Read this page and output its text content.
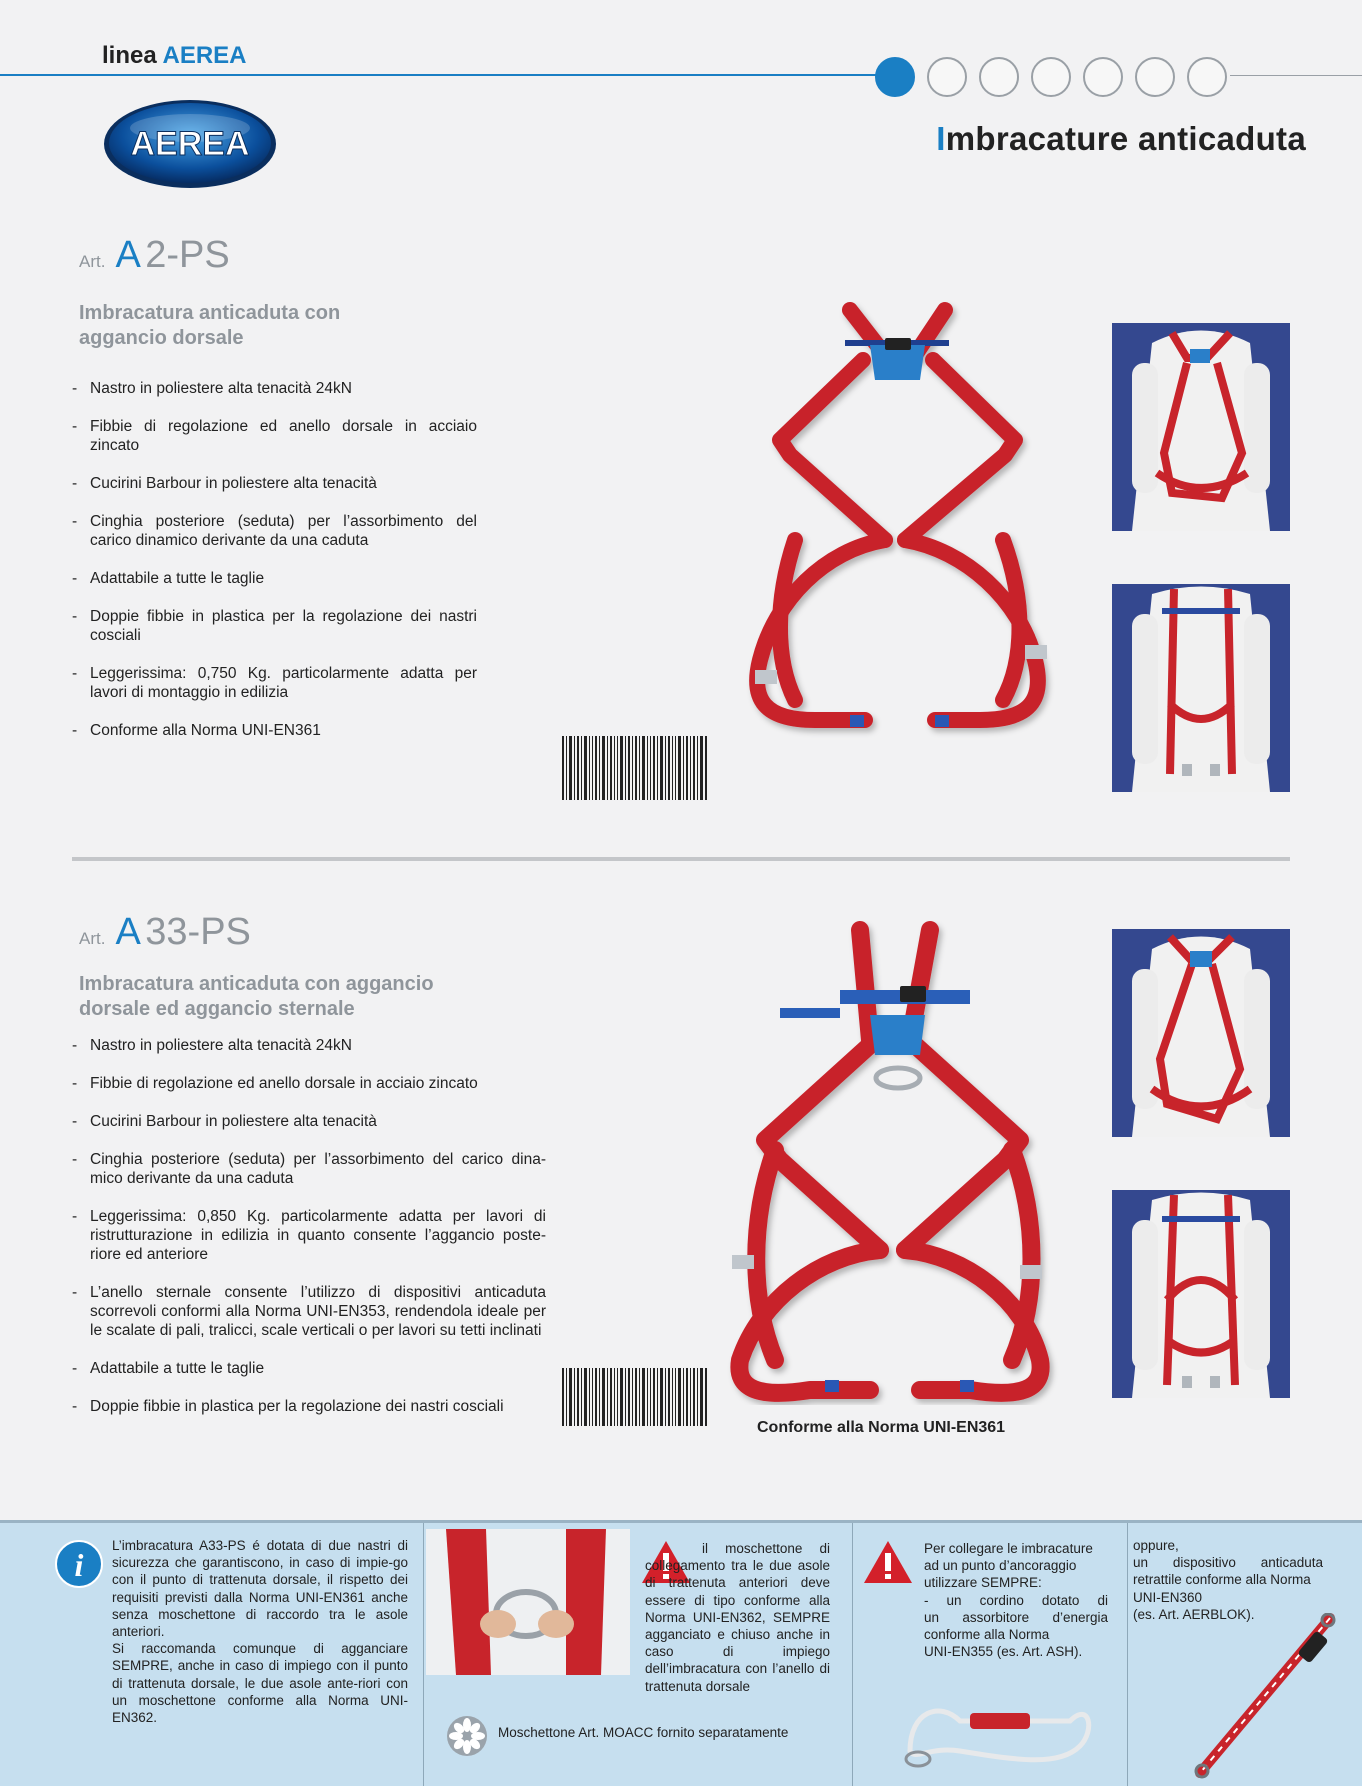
linea AEREA
AEREA	Imbracature anticaduta
Art. A 2-PS
Imbracatura anticaduta con
aggancio dorsale
- Nastro in poliestere alta tenacità 24kN
- Fibbie di regolazione ed anello dorsale in acciaio zincato
- Cucirini Barbour in poliestere alta tenacità
- Cinghia posteriore (seduta) per l’assorbimento del carico dinamico derivante da una caduta
- Adattabile a tutte le taglie
- Doppie fibbie in plastica per la regolazione dei nastri cosciali
- Leggerissima: 0,750 Kg. particolarmente adatta per lavori di montaggio in edilizia
- Conforme alla Norma UNI-EN361
Art. A 33-PS
Imbracatura anticaduta con aggancio
dorsale ed aggancio sternale
- Nastro in poliestere alta tenacità 24kN
- Fibbie di regolazione ed anello dorsale in acciaio zincato
- Cucirini Barbour in poliestere alta tenacità
- Cinghia posteriore (seduta) per l’assorbimento del carico dina-mico derivante da una caduta
- Leggerissima: 0,850 Kg. particolarmente adatta per lavori di ristrutturazione in edilizia in quanto consente l’aggancio poste-riore ed anteriore
- L’anello sternale consente l’utilizzo di dispositivi anticaduta scorrevoli conformi alla Norma UNI-EN353, rendendola ideale per le scalate di pali, tralicci, scale verticali o per lavori su tetti inclinati
- Adattabile a tutte le taglie
- Doppie fibbie in plastica per la regolazione dei nastri cosciali
Conforme alla Norma UNI-EN361
i

L’imbracatura A33-PS é dotata di due nastri di sicurezza che garantiscono, in caso di impie-go con il punto di trattenuta dorsale, il rispetto dei requisiti previsti dalla Norma UNI-EN361 anche senza moschettone di raccordo tra le asole anteriori.

Si raccomanda comunque di agganciare SEMPRE, anche in caso di impiego con il punto di trattenuta dorsale, le due asole ante-riori con un moschettone conforme alla Norma UNI-EN362.

il moschettone di collegamento tra le due asole di trattenuta anteriori deve essere di tipo conforme alla Norma UNI-EN362, SEMPRE agganciato e chiuso anche in caso di impiego dell’imbracatura con l’anello di trattenuta dorsale
Moschettone Art. MOACC fornito separatamente
Per collegare le imbracature
ad un punto d’ancoraggio
utilizzare SEMPRE:
- un cordino dotato di
un assorbitore d’energia
conforme alla Norma
UNI-EN355 (es. Art. ASH).
oppure,
un dispositivo anticaduta
retrattile conforme alla Norma
UNI-EN360
(es. Art. AERBLOK).
